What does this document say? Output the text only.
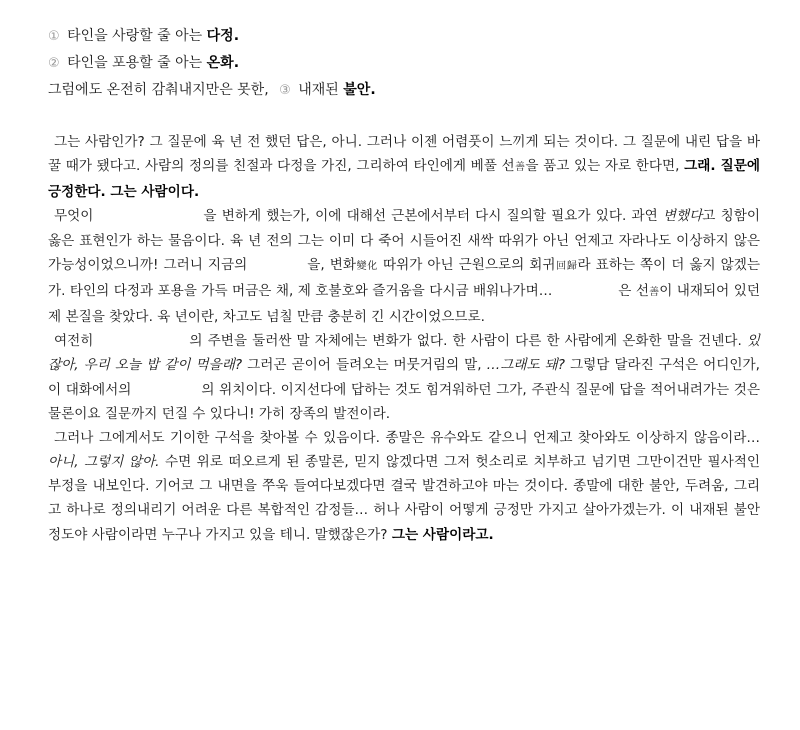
① 타인을 사랑할 줄 아는 다정.
② 타인을 포용할 줄 아는 온화.
그럼에도 온전히 감춰내지만은 못한, ③ 내재된 불안.

그는 사람인가? 그 질문에 육 년 전 했던 답은, 아니. 그러나 이젠 어렴풋이 느끼게 되는 것이다. 그 질문에 내린 답을 바꿀 때가 됐다고. 사람의 정의를 친절과 다정을 가진, 그리하여 타인에게 베풀 선善을 품고 있는 자로 한다면, 그래. 질문에 긍정한다. 그는 사람이다.

무엇이	을 변하게 했는가, 이에 대해선 근본에서부터 다시 질의할 필요가 있다. 과연 변했다고 칭함이 옳은 표현인가 하는 물음이다. 육 년 전의 그는 이미 다 죽어 시들어진 새싹 따위가 아닌 언제고 자라나도 이상하지 않은 가능성이었으니까! 그러니 지금의	을, 변화變化 따위가 아닌 근원으로의 회귀回歸라 표하는 쪽이 더 옳지 않겠는가. 타인의 다정과 포용을 가득 머금은 채, 제 호불호와 즐거움을 다시금 배워나가며…	은 선善이 내재되어 있던 제 본질을 찾았다. 육 년이란, 차고도 넘칠 만큼 충분히 긴 시간이었으므로.

여전히	의 주변을 둘러싼 말 자체에는 변화가 없다. 한 사람이 다른 한 사람에게 온화한 말을 건넨다. 있잖아, 우리 오늘 밥 같이 먹을래? 그러곤 곧이어 들려오는 머뭇거림의 말, …그래도 돼? 그렇담 달라진 구석은 어디인가, 이 대화에서의	의 위치이다. 이지선다에 답하는 것도 힘겨워하던 그가, 주관식 질문에 답을 적어내려가는 것은 물론이요 질문까지 던질 수 있다니! 가히 장족의 발전이라.

그러나 그에게서도 기이한 구석을 찾아볼 수 있음이다. 종말은 유수와도 같으니 언제고 찾아와도 이상하지 않음이라… 아니, 그렇지 않아. 수면 위로 떠오르게 된 종말론, 믿지 않겠다면 그저 헛소리로 치부하고 넘기면 그만이건만 필사적인 부정을 내보인다. 기어코 그 내면을 쭈욱 들여다보겠다면 결국 발견하고야 마는 것이다. 종말에 대한 불안, 두려움, 그리고 하나로 정의내리기 어려운 다른 복합적인 감정들… 허나 사람이 어떻게 긍정만 가지고 살아가겠는가. 이 내재된 불안 정도야 사람이라면 누구나 가지고 있을 테니. 말했잖은가? 그는 사람이라고.
